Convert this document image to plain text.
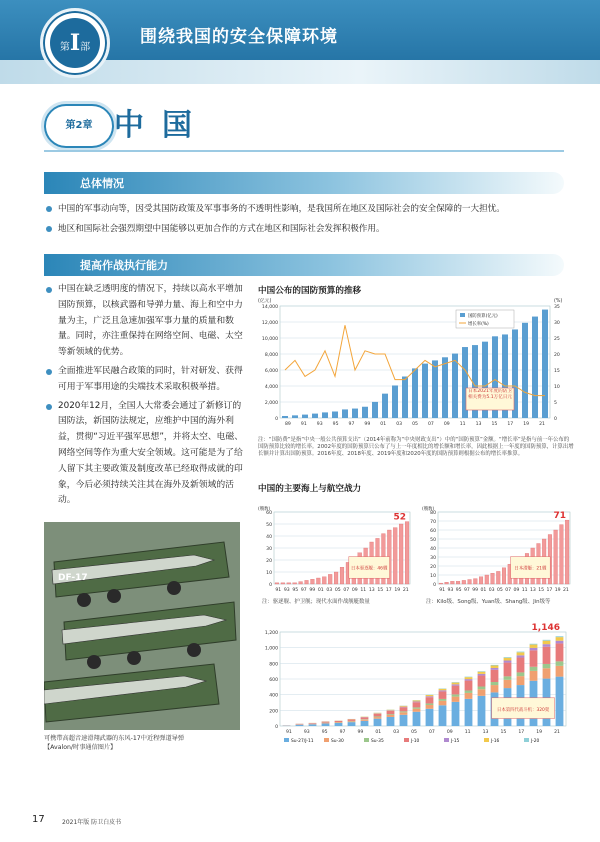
第I部
围绕我国的安全保障环境
第2章 中国
总体情况
中国的军事动向等，因受其国防政策及军事事务的不透明性影响，是我国所在地区及国际社会的安全保障的一大担忧。
地区和国际社会强烈期望中国能够以更加合作的方式在地区和国际社会发挥积极作用。
提高作战执行能力
中国在缺乏透明度的情况下，持续以高水平增加国防预算，以核武器和导弹力量、海上和空中力量为主，广泛且急速加强军事力量的质量和数量。同时，亦注重保持在网络空间、电磁、太空等新领域的优势。
全面推进军民融合政策的同时，针对研发、获得可用于军事用途的尖端技术采取积极举措。
2020年12月，全国人大常委会通过了新修订的国防法，新国防法规定，应维护中国的海外利益，贯彻“习近平强军思想”，并将太空、电磁、网络空间等作为重大安全领域。这可能是为了给人留下其主要政策及制度改革已经取得成就的印象，今后必须持续关注其在海外及新领域的活动。
DF-17
可携带高超音速滑翔武器的东风-17中近程弹道导弹
【Avalon/时事通信图片】
中国公布的国防预算的推移
14,000
12,000
10,000
8,000
6,000
4,000
2,000
0
89 91 93 95 97 99 01 03 05 07 09 11 13 15 17 19 21
(亿元)	(%)
35
30
25
20
15
10
5
0
国防预算(亿元)
增长率(%)
日本2021年度的防卫相关费为5.1万亿日元
注：“国防费”是指“中央一般公共预算支出”（2014年前称为“中央财政支出”）中的“国防预算”金额。“增长率”是指与前一年公布的国防预算比较的增长率。2002年度的国防预算只公布了与上一年度相比的增长额和增长率，因此根据上一年度的国防预算，计算出增长额并计算出国防预算。2016年度、2018年度、2019年度和2020年度的国防预算则根据公布的增长率推算。
中国的主要海上与航空战力
60
50
40
30
20
10
0
91 93 95 97 99 01 03 05 07 09 11 13 15 17 19 21
(艘数)
52
日本驱逐舰：46艘
注：驱逐舰、护卫舰；现代水面作战舰艇数量
80
70
60
50
40
30
20
10
0
91 93 95 97 99 01 03 05 07 09 11 13 15 17 19 21
(艘数)
71
日本潜艇：21艘
注：Kilo级、Song级、Yuan级、Shang级、Jin级等
1,200
1,000
800
600
400
200
0
91	93	95	97	99	01	03	05	07	09	11	13	15	17	19	21
1,146
日本第四代战斗机：320架
Su-27/J-11	Su-30	Su-35	J-10	J-15	J-16	J-20
17	2021年版 防卫白皮书
